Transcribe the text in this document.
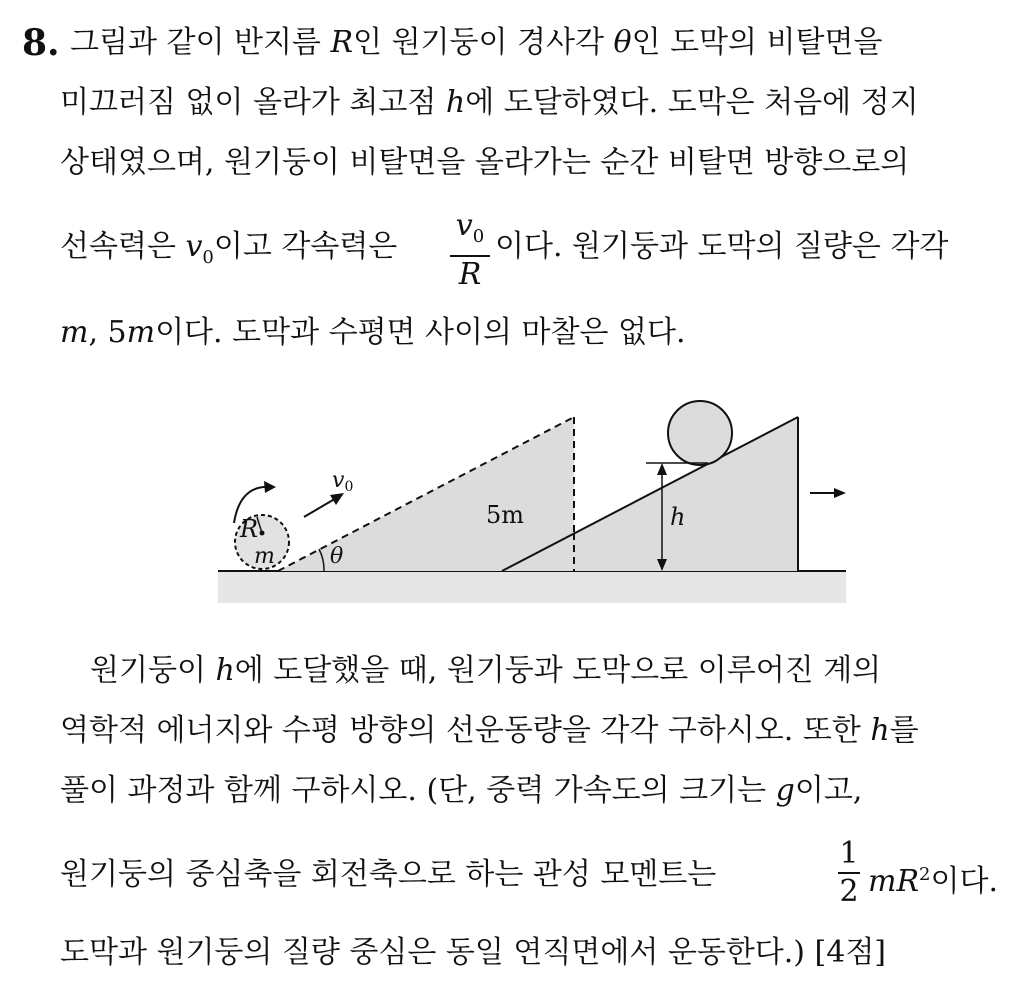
8. 그림과 같이 반지름 R인 원기둥이 경사각 θ인 도막의 비탈면을
미끄러짐 없이 올라가 최고점 h에 도달하였다. 도막은 처음에 정지
상태였으며, 원기둥이 비탈면을 올라가는 순간 비탈면 방향으로의
선속력은 $v_0$이고 각속력은	이다. 원기둥과 도막의 질량은 각각
$v_0$
R
m, 5m이다. 도막과 수평면 사이의 마찰은 없다.
R
m
v0
θ
5m	h
원기둥이 h에 도달했을 때, 원기둥과 도막으로 이루어진 계의
역학적 에너지와 수평 방향의 선운동량을 각각 구하시오. 또한 h를
풀이 과정과 함께 구하시오. (단, 중력 가속도의 크기는 g이고,
원기둥의 중심축을 회전축으로 하는 관성 모멘트는	$mR^2$이다.
1
2
도막과 원기둥의 질량 중심은 동일 연직면에서 운동한다.) [4점]
